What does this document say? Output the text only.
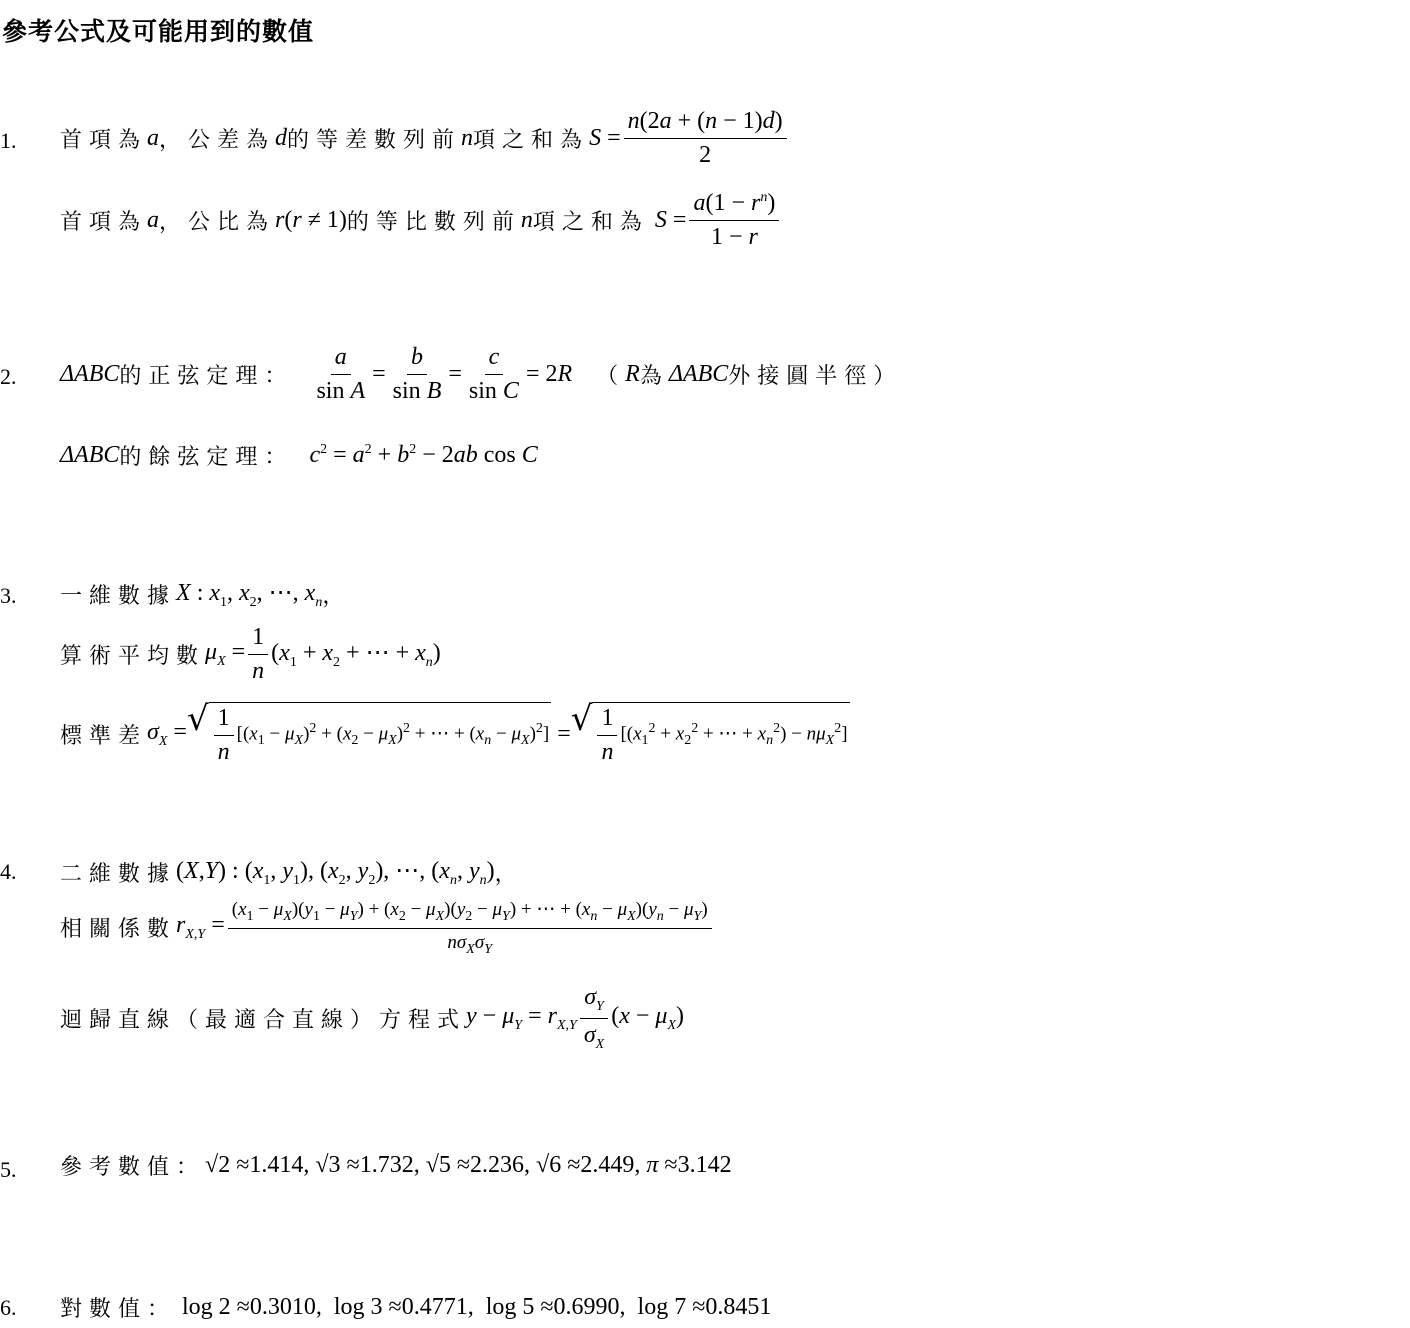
參考公式及可能用到的數值
1.
2.
3.
4.
5.
6.
首項為 a ，公差為 d 的等差數列前 n 項之和為 $S = \frac{n(2a + (n - 1)d)}{2}$
首項為 a ，公比為 r(r ≠ 1) 的等比數列前 n 項之和為 $S = \frac{a(1 - r^n)}{1 - r}$
ΔABC 的正弦定理： $\frac{a}{\text{sin A}} = \frac{b}{\text{sin B}} = \frac{c}{\text{sin C}} = 2R$ （ R 為 ΔABC 外接圓半徑）
ΔABC 的餘弦定理： $c^2 = a^2 + b^2 - 2ab$ cos C
一維數據 X : $x_1$, $x_2$, ⋯, $x_n$ ，
算術平均數 $\mu_X = \frac{1}{n} (x_1 + x_2$ + ⋯ + $x_n$)
標準差 $\sigma_X$ = √ $\frac{1}{n} [(x_1 - \mu_X)^2 + (x_2 - \mu_X)^2$ + ⋯ + $(x_n - \mu_X)^2$] = √ $\frac{1}{n} [(x_1^2 + x_2^2$ + ⋯ + $x_n^2) - n\mu_X^2$]
二維數據 (X,Y) : ($x_1$, $y_1$), ($x_2$, $y_2$), ⋯, ($x_n$, $y_n$) ，
相關係數 $r_{X,Y}$ =
$(x_1 - \mu_X)(y_1 - \mu_Y) + (x_2 - \mu_X)(y_2 - \mu_Y)$ + ⋯ + $(x_n - \mu_X)(y_n - \mu_Y)$
$n\sigma_X\sigma_Y$
迴歸直線（最適合直線）方程式 $y - \mu_Y = r_{X,Y} \frac{\sigma_Y}{\sigma_X} (x - \mu_X)$
參考數值： √2 ≈ 1.414 , √3 ≈ 1.732 , √5 ≈ 2.236 , √6 ≈ 2.449 , π ≈ 3.142
對數值： log 2 ≈ 0.3010 ,  log 3 ≈ 0.4771 ,  log 5 ≈ 0.6990 ,  log 7 ≈ 0.8451
